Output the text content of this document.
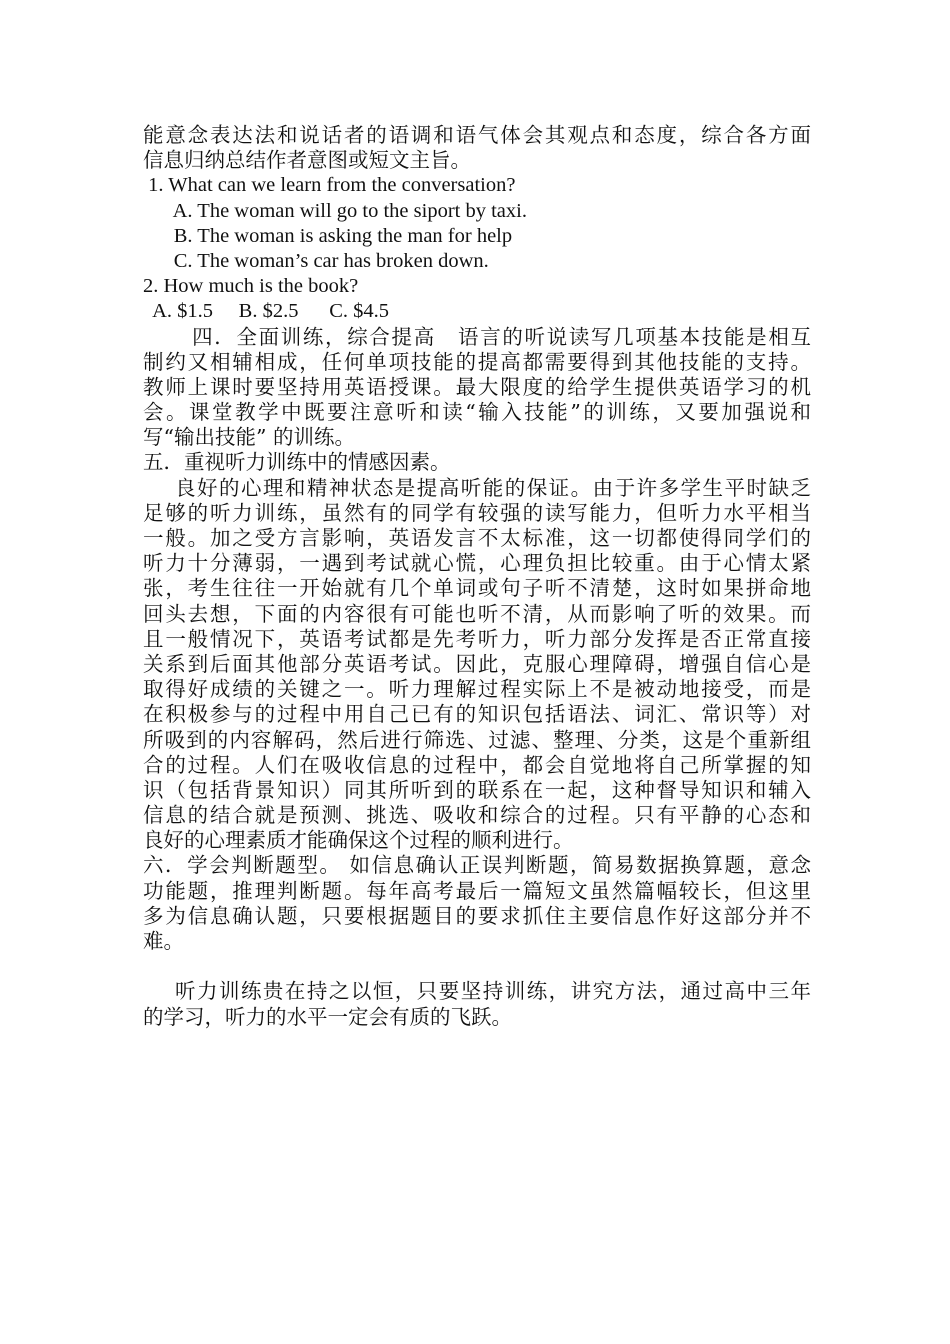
能意念表达法和说话者的语调和语气体会其观点和态度，综合各方面
信息归纳总结作者意图或短文主旨。
1. What can we learn from the conversation?
A. The woman will go to the siport by taxi.
B. The woman is asking the man for help
C. The woman’s car has broken down.
2. How much is the book?
A. $1.5     B. $2.5      C. $4.5
四．全面训练，综合提高　语言的听说读写几项基本技能是相互
制约又相辅相成，任何单项技能的提高都需要得到其他技能的支持。
教师上课时要坚持用英语授课。最大限度的给学生提供英语学习的机
会。课堂教学中既要注意听和读“输入技能”的训练，又要加强说和
写“输出技能” 的训练。
五．重视听力训练中的情感因素。
良好的心理和精神状态是提高听能的保证。由于许多学生平时缺乏
足够的听力训练，虽然有的同学有较强的读写能力，但听力水平相当
一般。加之受方言影响，英语发言不太标准，这一切都使得同学们的
听力十分薄弱，一遇到考试就心慌，心理负担比较重。由于心情太紧
张，考生往往一开始就有几个单词或句子听不清楚，这时如果拼命地
回头去想，下面的内容很有可能也听不清，从而影响了听的效果。而
且一般情况下，英语考试都是先考听力，听力部分发挥是否正常直接
关系到后面其他部分英语考试。因此，克服心理障碍，增强自信心是
取得好成绩的关键之一。听力理解过程实际上不是被动地接受，而是
在积极参与的过程中用自己已有的知识包括语法、词汇、常识等）对
所吸到的内容解码，然后进行筛选、过滤、整理、分类，这是个重新组
合的过程。人们在吸收信息的过程中，都会自觉地将自己所掌握的知
识（包括背景知识）同其所听到的联系在一起，这种督导知识和辅入
信息的结合就是预测、挑选、吸收和综合的过程。只有平静的心态和
良好的心理素质才能确保这个过程的顺利进行。
六．学会判断题型。 如信息确认正误判断题，简易数据换算题，意念
功能题，推理判断题。每年高考最后一篇短文虽然篇幅较长，但这里
多为信息确认题，只要根据题目的要求抓住主要信息作好这部分并不
难。
听力训练贵在持之以恒，只要坚持训练，讲究方法，通过高中三年
的学习，听力的水平一定会有质的飞跃。
